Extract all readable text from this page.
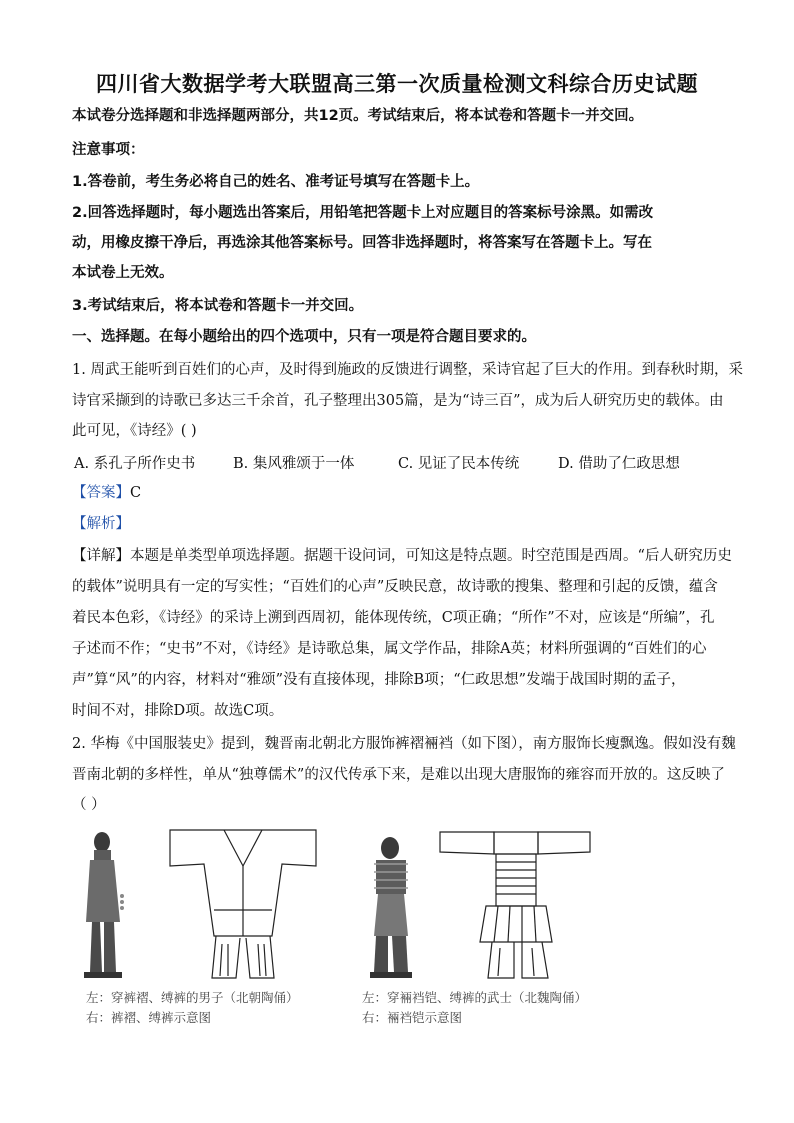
四川省大数据学考大联盟高三第一次质量检测文科综合历史试题
本试卷分选择题和非选择题两部分，共12页。考试结束后，将本试卷和答题卡一并交回。
注意事项：
1.答卷前，考生务必将自己的姓名、准考证号填写在答题卡上。
2.回答选择题时，每小题选出答案后，用铅笔把答题卡上对应题目的答案标号涂黑。如需改
动，用橡皮擦干净后，再选涂其他答案标号。回答非选择题时，将答案写在答题卡上。写在
本试卷上无效。
3.考试结束后，将本试卷和答题卡一并交回。
一、选择题。在每小题给出的四个选项中，只有一项是符合题目要求的。
1. 周武王能听到百姓们的心声，及时得到施政的反馈进行调整，采诗官起了巨大的作用。到春秋时期，采
诗官采撷到的诗歌已多达三千余首，孔子整理出305篇，是为“诗三百”，成为后人研究历史的载体。由
此可见，《诗经》( )
A. 系孔子所作史书	B. 集风雅颂于一体	C. 见证了民本传统	D. 借助了仁政思想
【答案】C
【解析】
【详解】本题是单类型单项选择题。据题干设问词，可知这是特点题。时空范围是西周。“后人研究历史
的载体”说明具有一定的写实性；“百姓们的心声”反映民意，故诗歌的搜集、整理和引起的反馈，蕴含
着民本色彩，《诗经》的采诗上溯到西周初，能体现传统，C项正确；“所作”不对，应该是“所编”，孔
子述而不作；“史书”不对，《诗经》是诗歌总集，属文学作品，排除A英；材料所强调的“百姓们的心
声”算“风”的内容，材料对“雅颂”没有直接体现，排除B项；“仁政思想”发端于战国时期的孟子，
时间不对，排除D项。故选C项。
2. 华梅《中国服装史》提到，魏晋南北朝北方服饰裤褶裲裆（如下图），南方服饰长瘦飘逸。假如没有魏
晋南北朝的多样性，单从“独尊儒术”的汉代传承下来，是难以出现大唐服饰的雍容而开放的。这反映了
（ ）
左：穿裤褶、缚裤的男子（北朝陶俑）
右：裤褶、缚裤示意图
左：穿裲裆铠、缚裤的武士（北魏陶俑）
右：裲裆铠示意图
